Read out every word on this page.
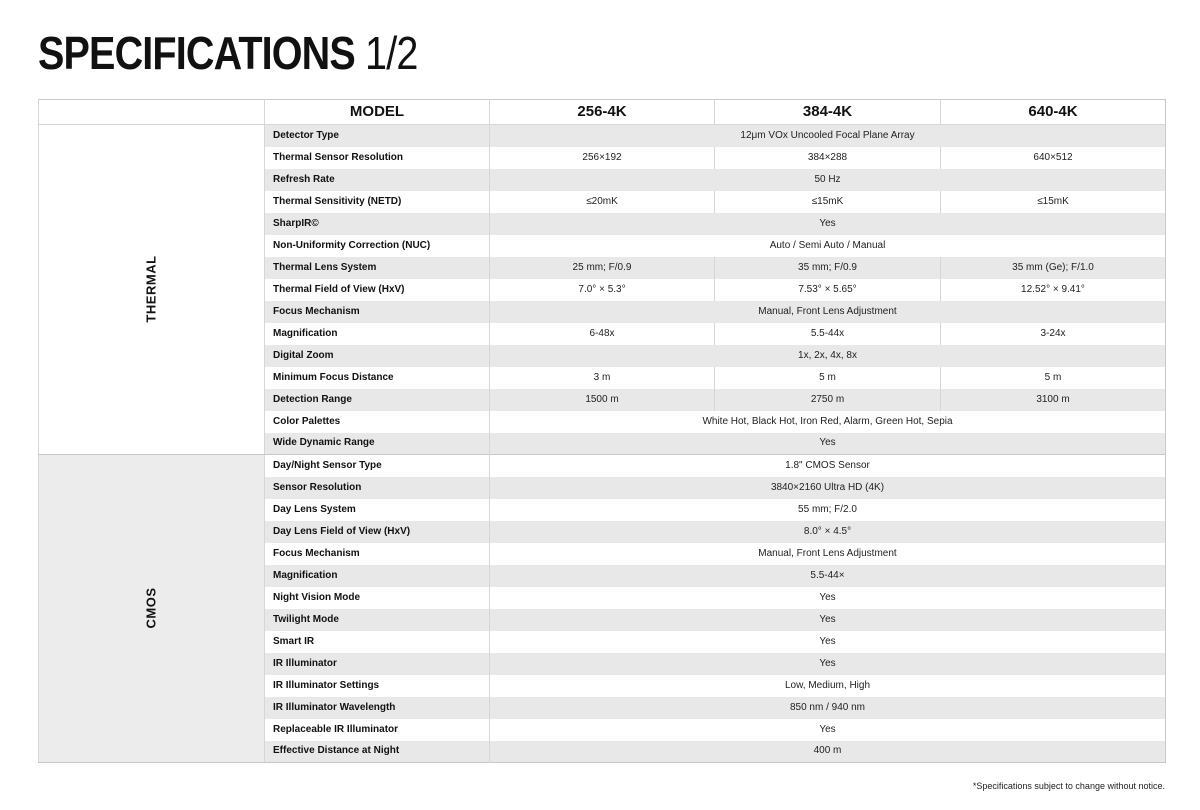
SPECIFICATIONS 1/2
	MODEL	256-4K	384-4K	640-4K
THERMAL	Detector Type	12μm VOx Uncooled Focal Plane Array		
	Thermal Sensor Resolution	256×192	384×288	640×512
	Refresh Rate	50 Hz		
	Thermal Sensitivity (NETD)	≤20mK	≤15mK	≤15mK
	SharpIR©	Yes		
	Non-Uniformity Correction (NUC)	Auto / Semi Auto / Manual		
	Thermal Lens System	25 mm; F/0.9	35 mm; F/0.9	35 mm (Ge); F/1.0
	Thermal Field of View (HxV)	7.0° × 5.3°	7.53° × 5.65°	12.52° × 9.41°
	Focus Mechanism	Manual, Front Lens Adjustment		
	Magnification	6-48x	5.5-44x	3-24x
	Digital Zoom	1x, 2x, 4x, 8x		
	Minimum Focus Distance	3 m	5 m	5 m
	Detection Range	1500 m	2750 m	3100 m
	Color Palettes	White Hot, Black Hot, Iron Red, Alarm, Green Hot, Sepia		
	Wide Dynamic Range	Yes		
CMOS	Day/Night Sensor Type	1.8" CMOS Sensor		
	Sensor Resolution	3840×2160 Ultra HD (4K)		
	Day Lens System	55 mm; F/2.0		
	Day Lens Field of View (HxV)	8.0° × 4.5°		
	Focus Mechanism	Manual, Front Lens Adjustment		
	Magnification	5.5-44×		
	Night Vision Mode	Yes		
	Twilight Mode	Yes		
	Smart IR	Yes		
	IR Illuminator	Yes		
	IR Illuminator Settings	Low, Medium, High		
	IR Illuminator Wavelength	850 nm / 940 nm		
	Replaceable IR Illuminator	Yes		
	Effective Distance at Night	400 m		
*Specifications subject to change without notice.
